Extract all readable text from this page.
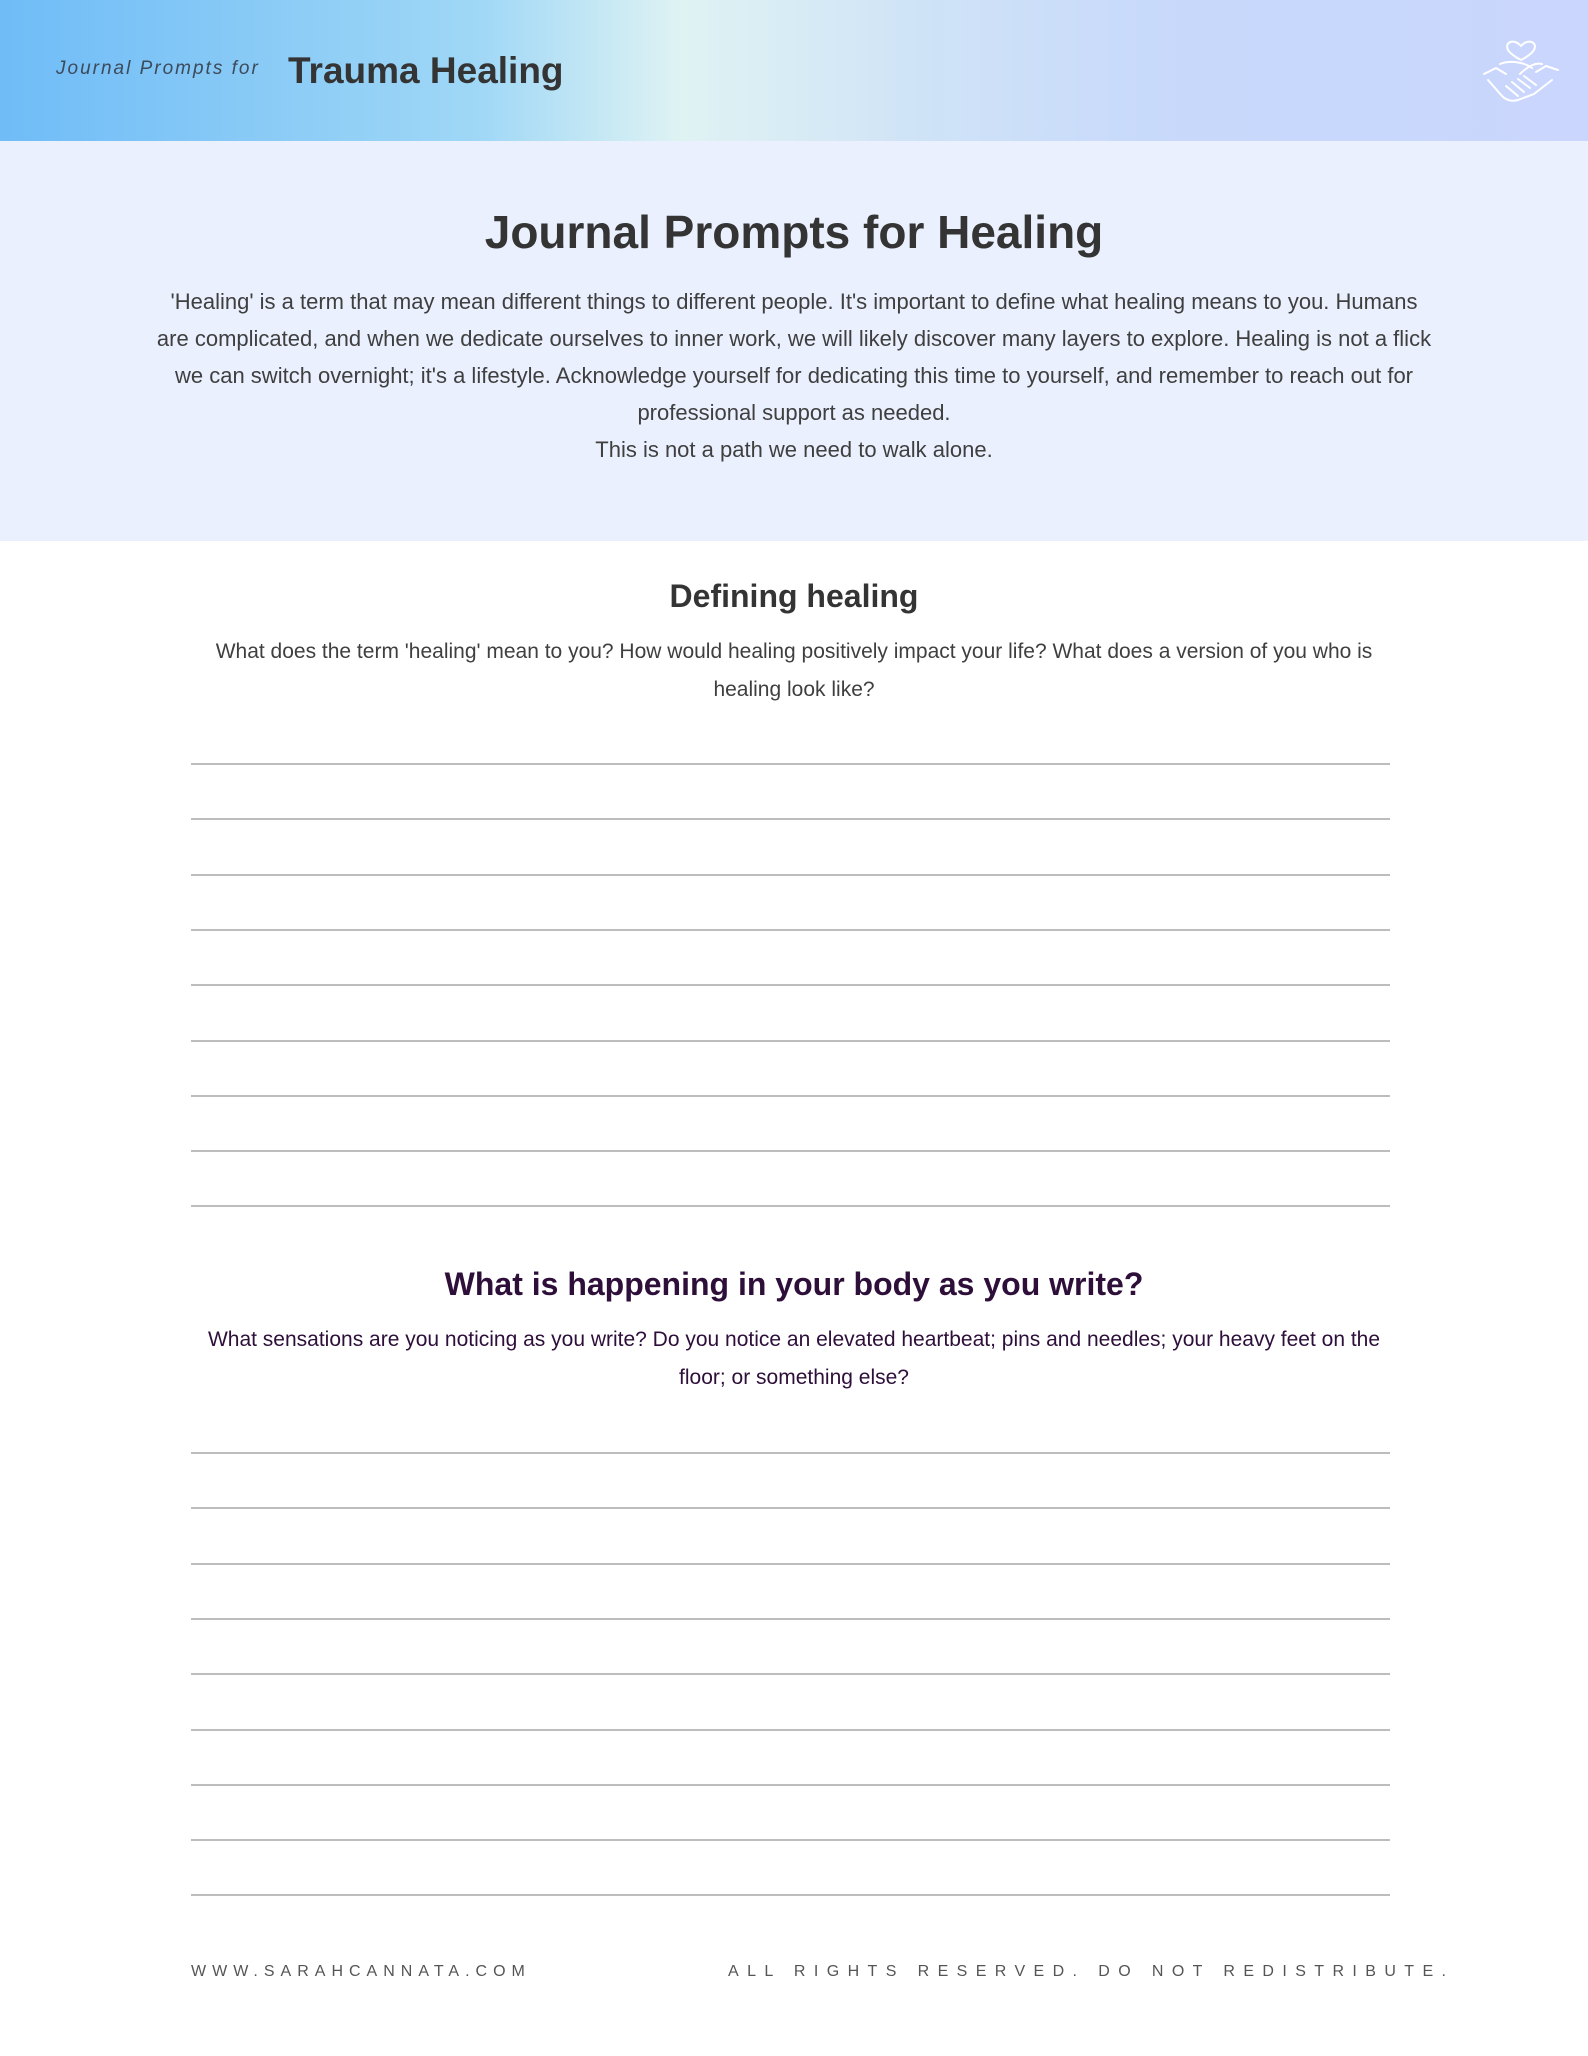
Journal Prompts for Trauma Healing
Journal Prompts for Healing

'Healing' is a term that may mean different things to different people. It's important to define what healing means to you. Humans are complicated, and when we dedicate ourselves to inner work, we will likely discover many layers to explore. Healing is not a flick we can switch overnight; it's a lifestyle. Acknowledge yourself for dedicating this time to yourself, and remember to reach out for professional support as needed.

This is not a path we need to walk alone.

Defining healing
What does the term 'healing' mean to you? How would healing positively impact your life? What does a version of you who is healing look like?
What is happening in your body as you write?
What sensations are you noticing as you write? Do you notice an elevated heartbeat; pins and needles; your heavy feet on the floor; or something else?
WWW.SARAHCANNATA.COM	ALL RIGHTS RESERVED. DO NOT REDISTRIBUTE.
